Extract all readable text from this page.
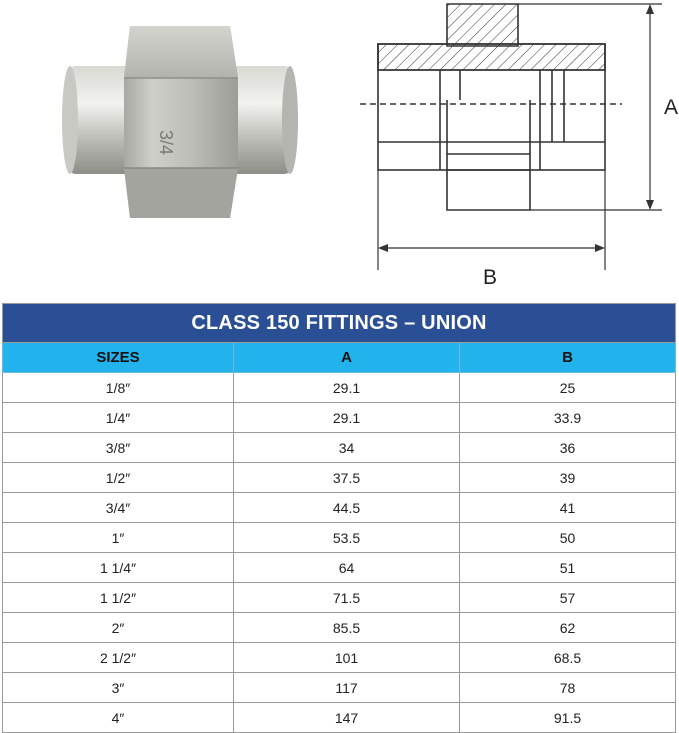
3/4
A
B
CLASS 150 FITTINGS – UNION		
SIZES	A	B
1/8″	29.1	25
1/4″	29.1	33.9
3/8″	34	36
1/2″	37.5	39
3/4″	44.5	41
1″	53.5	50
1 1/4″	64	51
1 1/2″	71.5	57
2″	85.5	62
2 1/2″	101	68.5
3″	117	78
4″	147	91.5
